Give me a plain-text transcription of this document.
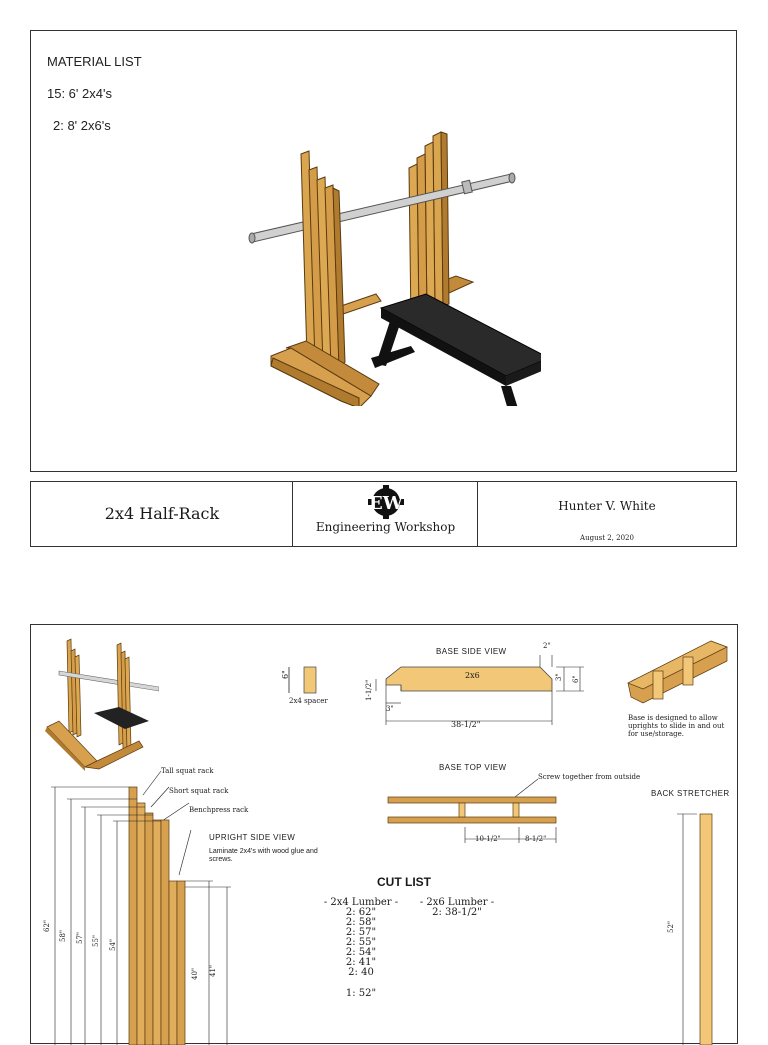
MATERIAL LIST
15: 6' 2x4's
2: 8' 2x6's
2x4 Half-Rack	EW
Engineering Workshop
Hunter V. White
August 2, 2020
6"
2x4 spacer
BASE SIDE VIEW
2x6
2"
3" 6"
1-1/2"
3"
38-1/2"
Base is designed to allow uprights to slide in and out for use/storage.
BASE TOP VIEW
Screw together from outside
10-1/2"	8-1/2"
BACK STRETCHER
52"
Tall squat rack
Short squat rack
Benchpress rack
UPRIGHT SIDE VIEW
Laminate 2x4's with wood glue and screws.
62"
58" 57" 55" 54"
40" 41"
CUT LIST
- 2x4 Lumber -
2: 62"
2: 58"
2: 57"
2: 55"
2: 54"
2: 41"
2: 40
1: 52"
- 2x6 Lumber -
2: 38-1/2"
